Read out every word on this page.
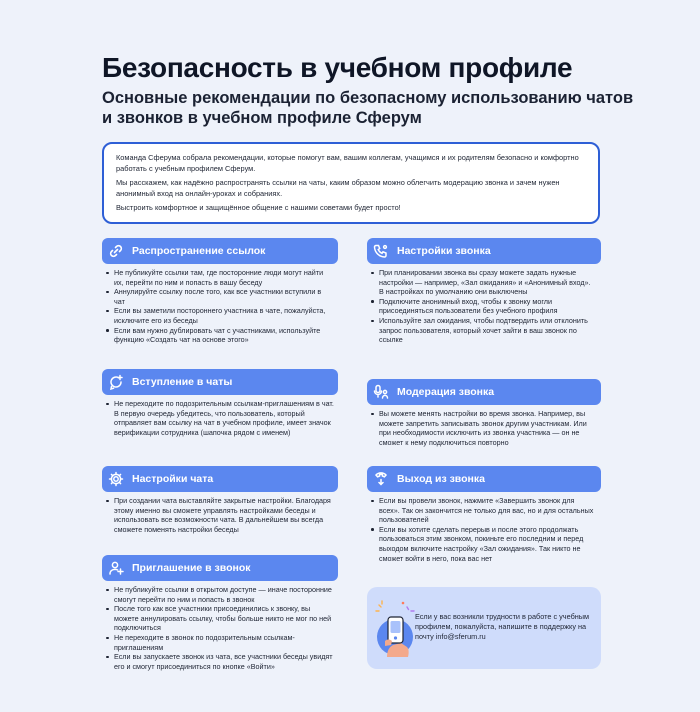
Безопасность в учебном профиле
Основные рекомендации по безопасному использованию чатов и звонков в учебном профиле Сферум

Команда Сферума собрала рекомендации, которые помогут вам, вашим коллегам, учащимся и их родителям безопасно и комфортно работать с учебным профилем Сферум.

Мы расскажем, как надёжно распространять ссылки на чаты, каким образом можно облегчить модерацию звонка и зачем нужен анонимный вход на онлайн-уроках и собраниях.

Выстроить комфортное и защищённое общение с нашими советами будет просто!

Распространение ссылок
Не публикуйте ссылки там, где посторонние люди могут найти их, перейти по ним и попасть в вашу беседу
Аннулируйте ссылку после того, как все участники вступили в чат
Если вы заметили постороннего участника в чате, пожалуйста, исключите его из беседы
Если вам нужно дублировать чат с участниками, используйте функцию «Создать чат на основе этого»
Вступление в чаты
Не переходите по подозрительным ссылкам-приглашениям в чат. В первую очередь убедитесь, что пользователь, который отправляет вам ссылку на чат в учебном профиле, имеет значок верификации сотрудника (шапочка рядом с именем)
Настройки чата
При создании чата выставляйте закрытые настройки. Благодаря этому именно вы сможете управлять настройками беседы и использовать все возможности чата. В дальнейшем вы всегда сможете поменять настройки беседы
Приглашение в звонок
Не публикуйте ссылки в открытом доступе — иначе посторонние смогут перейти по ним и попасть в звонок
После того как все участники присоединились к звонку, вы можете аннулировать ссылку, чтобы больше никто не мог по ней подключиться
Не переходите в звонок по подозрительным ссылкам-приглашениям
Если вы запускаете звонок из чата, все участники беседы увидят его и смогут присоединиться по кнопке «Войти»
Настройки звонка
При планировании звонка вы сразу можете задать нужные настройки — например, «Зал ожидания» и «Анонимный вход». В настройках по умолчанию они выключены
Подключите анонимный вход, чтобы к звонку могли присоединяться пользователи без учебного профиля
Используйте зал ожидания, чтобы подтвердить или отклонить запрос пользователя, который хочет зайти в ваш звонок по ссылке
Модерация звонка
Вы можете менять настройки во время звонка. Например, вы можете запретить записывать звонок другим участникам. Или при необходимости исключить из звонка участника — он не сможет к нему подключиться повторно
Выход из звонка
Если вы провели звонок, нажмите «Завершить звонок для всех». Так он закончится не только для вас, но и для остальных пользователей
Если вы хотите сделать перерыв и после этого продолжать пользоваться этим звонком, покиньте его последним и перед выходом включите настройку «Зал ожидания». Так никто не сможет войти в него, пока вас нет
Если у вас возникли трудности в работе с учебным профилем, пожалуйста, напишите в поддержку на почту info@sferum.ru
